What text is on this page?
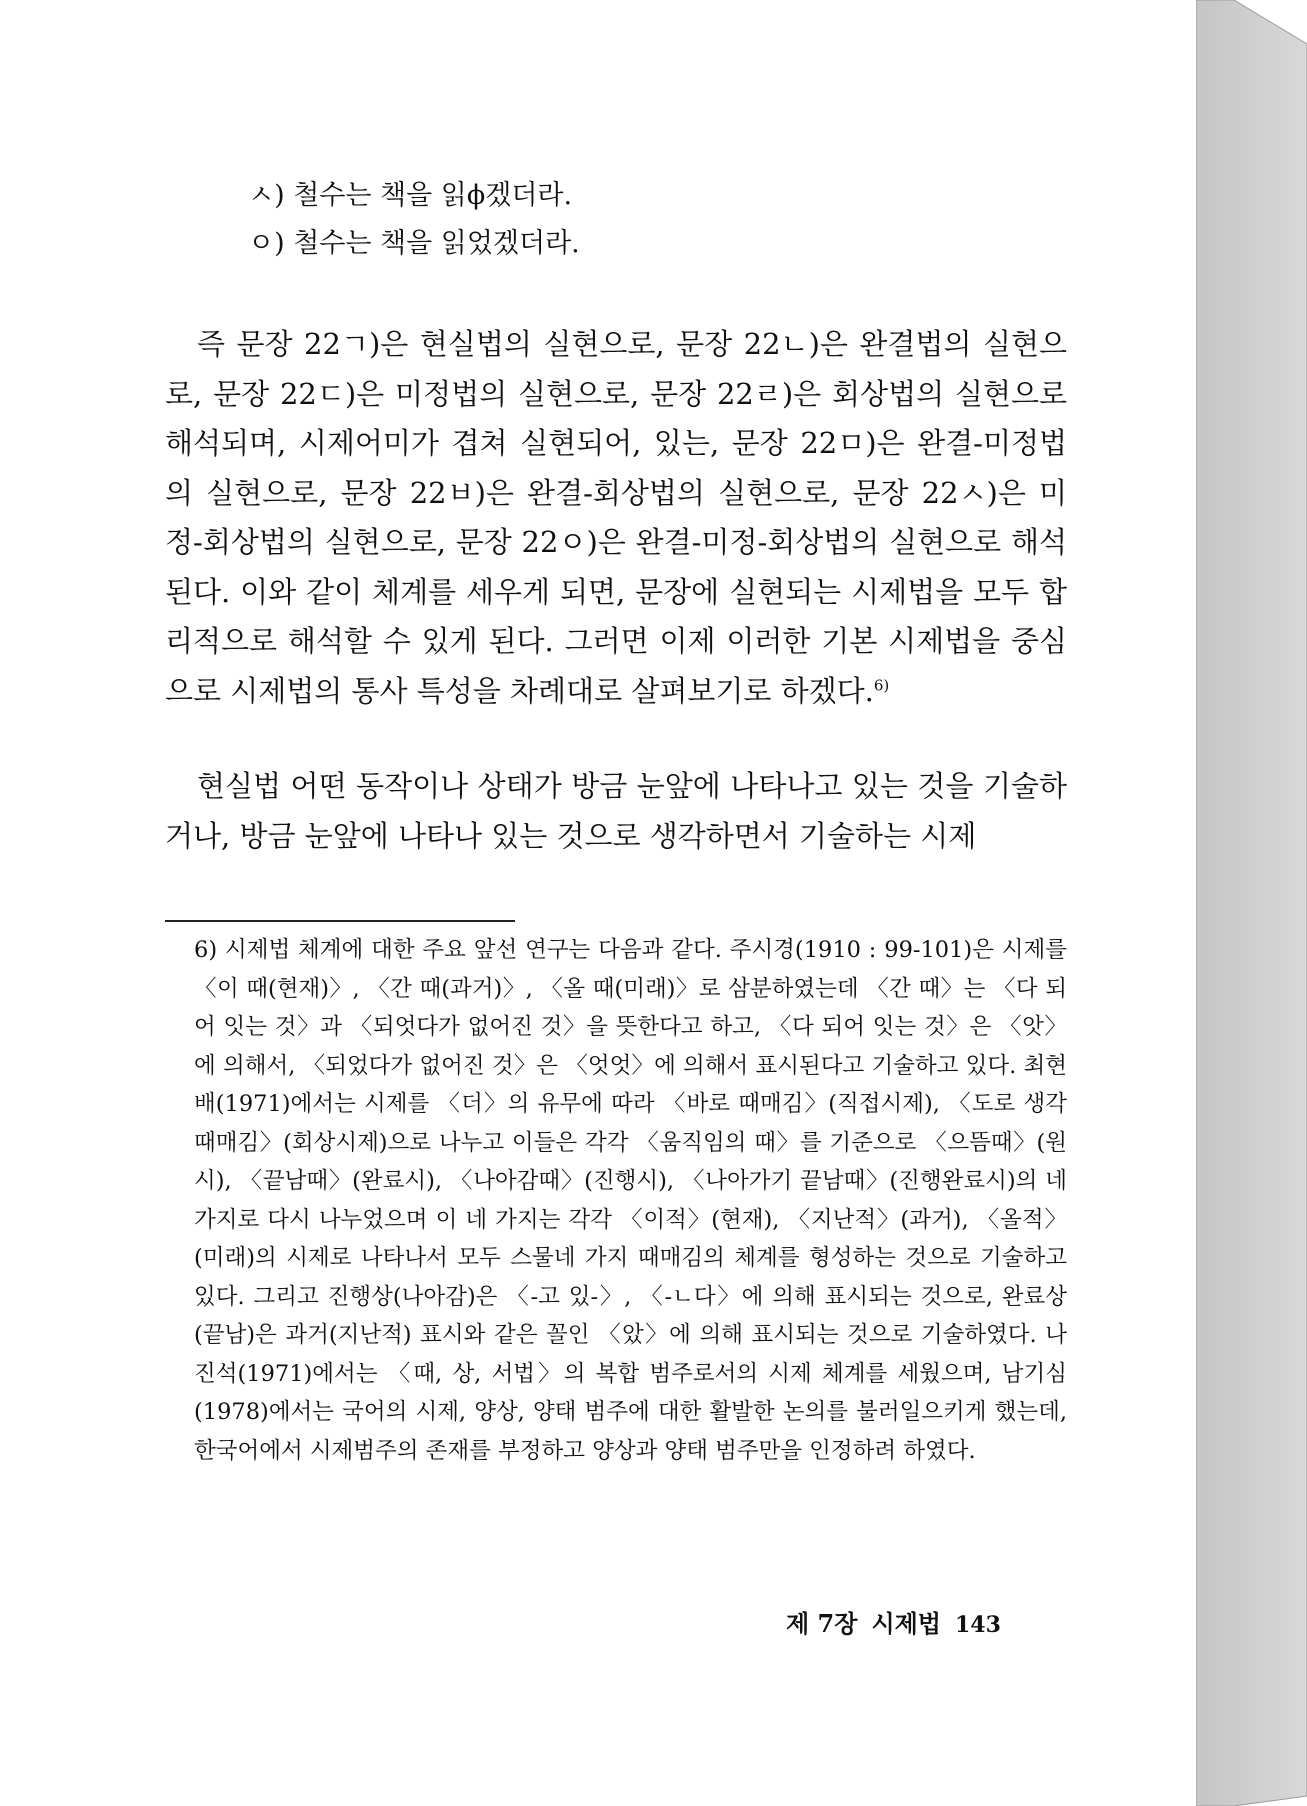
ㅅ) 철수는 책을 읽ϕ겠더라.
ㅇ) 철수는 책을 읽었겠더라.

즉 문장 22ㄱ)은 현실법의 실현으로, 문장 22ㄴ)은 완결법의 실현으로, 문장 22ㄷ)은 미정법의 실현으로, 문장 22ㄹ)은 회상법의 실현으로 해석되며, 시제어미가 겹쳐 실현되어, 있는, 문장 22ㅁ)은 완결-미정법의 실현으로, 문장 22ㅂ)은 완결-회상법의 실현으로, 문장 22ㅅ)은 미정-회상법의 실현으로, 문장 22ㅇ)은 완결-미정-회상법의 실현으로 해석된다. 이와 같이 체계를 세우게 되면, 문장에 실현되는 시제법을 모두 합리적으로 해석할 수 있게 된다. 그러면 이제 이러한 기본 시제법을 중심으로 시제법의 통사 특성을 차례대로 살펴보기로 하겠다.$^{6)}$

현실법 어떤 동작이나 상태가 방금 눈앞에 나타나고 있는 것을 기술하거나, 방금 눈앞에 나타나 있는 것으로 생각하면서 기술하는 시제

6) 시제법 체계에 대한 주요 앞선 연구는 다음과 같다. 주시경(1910 : 99-101)은 시제를 〈이 때(현재)〉, 〈간 때(과거)〉, 〈올 때(미래)〉로 삼분하였는데 〈간 때〉는 〈다 되어 잇는 것〉과 〈되엇다가 없어진 것〉을 뜻한다고 하고, 〈다 되어 잇는 것〉은 〈앗〉에 의해서, 〈되었다가 없어진 것〉은 〈엇엇〉에 의해서 표시된다고 기술하고 있다. 최현배(1971)에서는 시제를 〈더〉의 유무에 따라 〈바로 때매김〉(직접시제), 〈도로 생각때매김〉(회상시제)으로 나누고 이들은 각각 〈움직임의 때〉를 기준으로 〈으뜸때〉(원시), 〈끝남때〉(완료시), 〈나아감때〉(진행시), 〈나아가기 끝남때〉(진행완료시)의 네 가지로 다시 나누었으며 이 네 가지는 각각 〈이적〉(현재), 〈지난적〉(과거), 〈올적〉(미래)의 시제로 나타나서 모두 스물네 가지 때매김의 체계를 형성하는 것으로 기술하고 있다. 그리고 진행상(나아감)은 〈-고 있-〉, 〈-ㄴ다〉에 의해 표시되는 것으로, 완료상(끝남)은 과거(지난적) 표시와 같은 꼴인 〈았〉에 의해 표시되는 것으로 기술하였다. 나진석(1971)에서는 〈때, 상, 서법〉의 복합 범주로서의 시제 체계를 세웠으며, 남기심(1978)에서는 국어의 시제, 양상, 양태 범주에 대한 활발한 논의를 불러일으키게 했는데, 한국어에서 시제범주의 존재를 부정하고 양상과 양태 범주만을 인정하려 하였다.

제 7장 시제법 143
